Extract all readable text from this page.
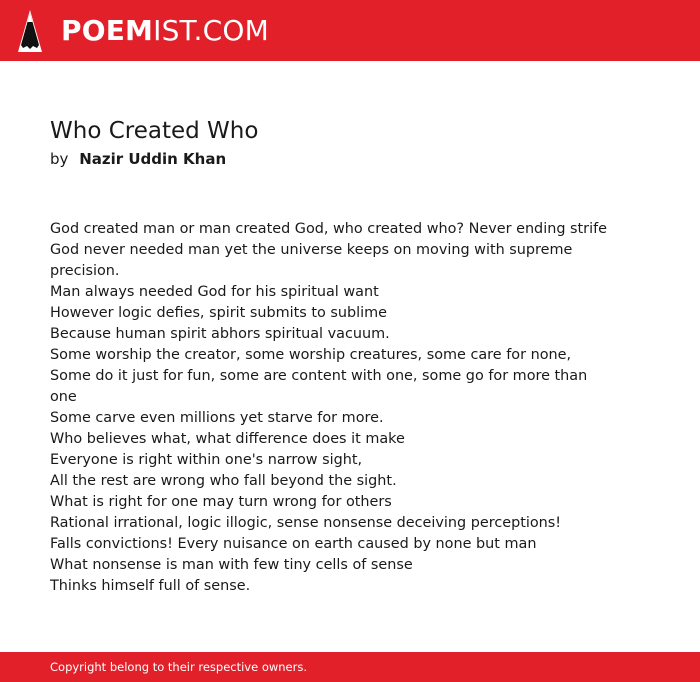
POEMIST.COM
Who Created Who
by Nazir Uddin Khan
God created man or man created God, who created who? Never ending strife
God never needed man yet the universe keeps on moving with supreme precision.
Man always needed God for his spiritual want
However logic defies, spirit submits to sublime
Because human spirit abhors spiritual vacuum.
Some worship the creator, some worship creatures, some care for none, Some do it just for fun, some are content with one, some go for more than one
Some carve even millions yet starve for more.
Who believes what, what difference does it make
Everyone is right within one's narrow sight,
All the rest are wrong who fall beyond the sight.
What is right for one may turn wrong for others
Rational irrational, logic illogic, sense nonsense deceiving perceptions!
Falls convictions! Every nuisance on earth caused by none but man
What nonsense is man with few tiny cells of sense
Thinks himself full of sense.
Copyright belong to their respective owners.
